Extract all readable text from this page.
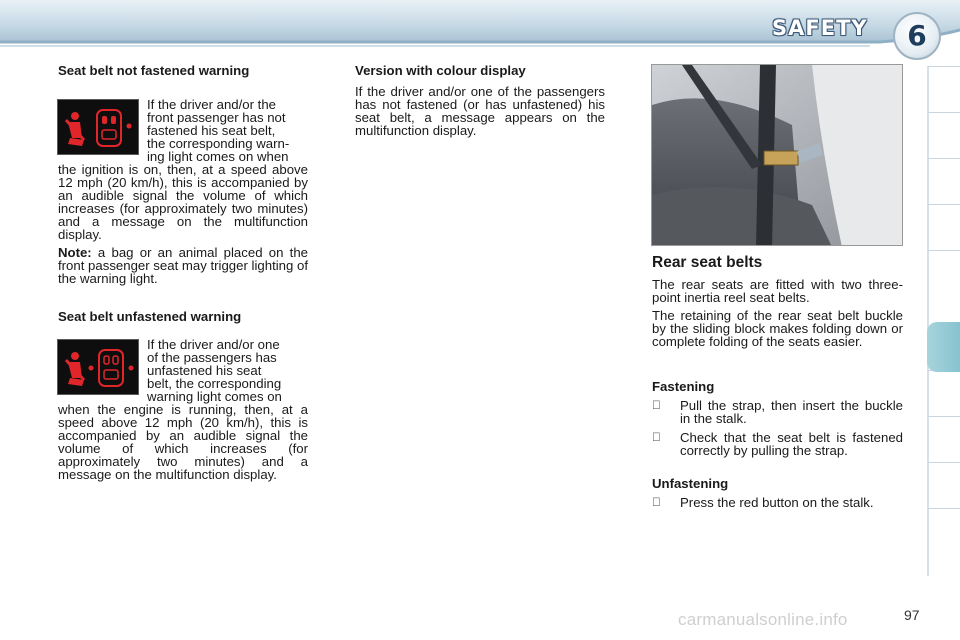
SAFETY	6
Seat belt not fastened warning

If the driver and/or the

front passenger has not

fastened his seat belt,

the corresponding warn-

ing light comes on when

the ignition is on, then, at a speed above 12 mph (20 km/h), this is accompanied by an audible signal the volume of which increases (for approximately two minutes) and a message on the multifunction display.

Note: a bag or an animal placed on the front passenger seat may trigger lighting of the warning light.

Seat belt unfastened warning

If the driver and/or one

of the passengers has

unfastened his seat

belt, the corresponding

warning light comes on

when the engine is running, then, at a speed above 12 mph (20 km/h), this is accompanied by an audible signal the volume of which increases (for approximately two minutes) and a message on the multifunction display.

Version with colour display

If the driver and/or one of the passengers has not fastened (or has unfastened) his seat belt, a message appears on the multifunction display.

Rear seat belts

The rear seats are fitted with two three-point inertia reel seat belts.

The retaining of the rear seat belt buckle by the sliding block makes folding down or complete folding of the seats easier.

Fastening
Pull the strap, then insert the buckle in the stalk.
Check that the seat belt is fastened correctly by pulling the strap.
Unfastening
Press the red button on the stalk.
carmanualsonline.info	97
